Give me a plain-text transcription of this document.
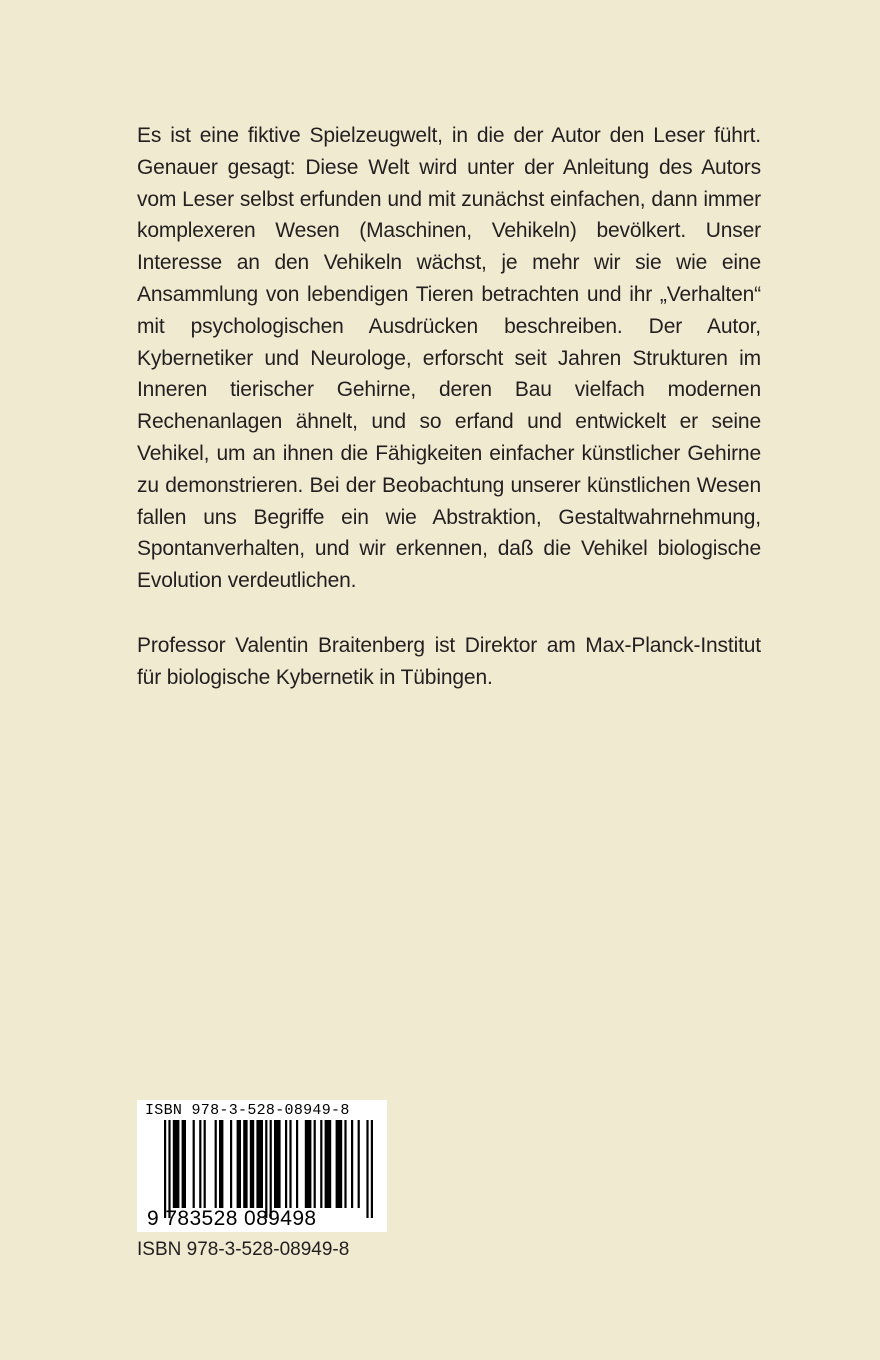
Es ist eine fiktive Spielzeugwelt, in die der Autor den Leser führt. Genauer gesagt: Diese Welt wird unter der Anleitung des Autors vom Leser selbst erfunden und mit zunächst einfachen, dann immer komplexeren Wesen (Maschinen, Vehikeln) bevölkert. Unser Interesse an den Vehikeln wächst, je mehr wir sie wie eine Ansammlung von lebendigen Tieren betrachten und ihr „Verhalten“ mit psychologischen Ausdrücken beschreiben. Der Autor, Kybernetiker und Neurologe, erforscht seit Jahren Strukturen im Inneren tierischer Gehirne, deren Bau vielfach modernen Rechenanlagen ähnelt, und so erfand und entwickelt er seine Vehikel, um an ihnen die Fähigkeiten einfacher künstlicher Gehirne zu demonstrieren. Bei der Beobachtung unserer künstlichen Wesen fallen uns Begriffe ein wie Abstraktion, Gestaltwahrnehmung, Spontanverhalten, und wir erkennen, daß die Vehikel biologische Evolution verdeutlichen.

Professor Valentin Braitenberg ist Direktor am Max-Planck-Institut für biologische Kybernetik in Tübingen.

ISBN 978-3-528-08949-8
9 783528 089498
ISBN 978-3-528-08949-8
